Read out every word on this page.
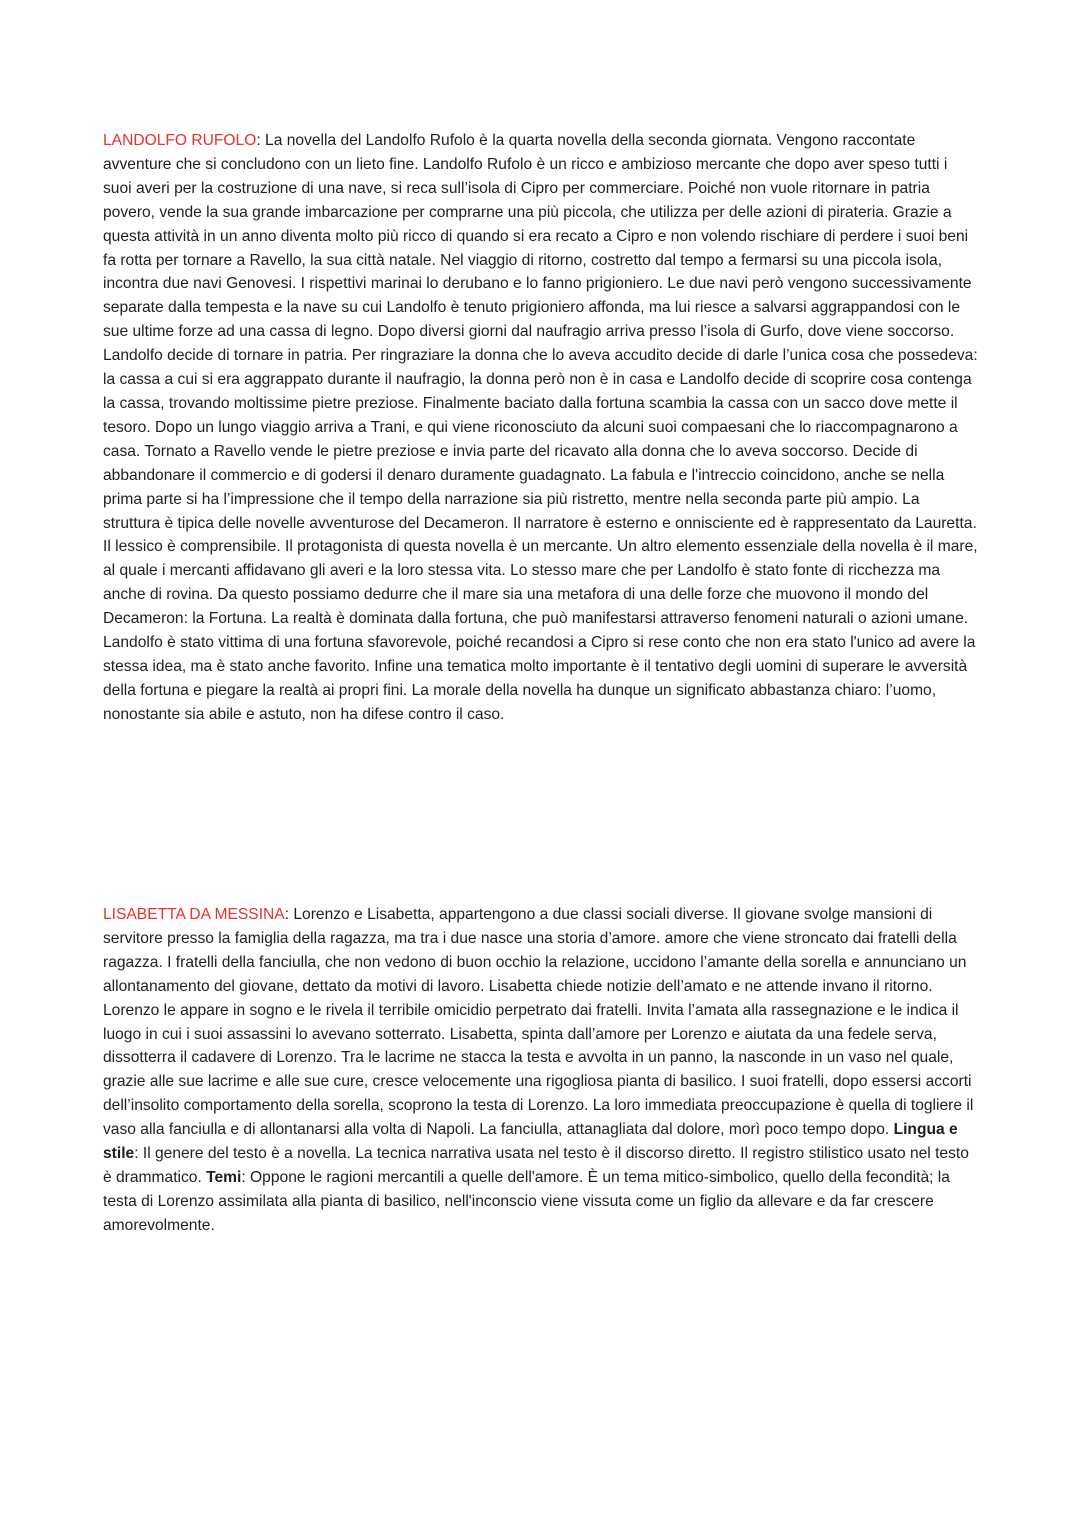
LANDOLFO RUFOLO: La novella del Landolfo Rufolo è la quarta novella della seconda giornata. Vengono raccontate avventure che si concludono con un lieto fine. Landolfo Rufolo è un ricco e ambizioso mercante che dopo aver speso tutti i suoi averi per la costruzione di una nave, si reca sull’isola di Cipro per commerciare. Poiché non vuole ritornare in patria povero, vende la sua grande imbarcazione per comprarne una più piccola, che utilizza per delle azioni di pirateria. Grazie a questa attività in un anno diventa molto più ricco di quando si era recato a Cipro e non volendo rischiare di perdere i suoi beni fa rotta per tornare a Ravello, la sua città natale. Nel viaggio di ritorno, costretto dal tempo a fermarsi su una piccola isola, incontra due navi Genovesi. I rispettivi marinai lo derubano e lo fanno prigioniero. Le due navi però vengono successivamente separate dalla tempesta e la nave su cui Landolfo è tenuto prigioniero affonda, ma lui riesce a salvarsi aggrappandosi con le sue ultime forze ad una cassa di legno. Dopo diversi giorni dal naufragio arriva presso l’isola di Gurfo, dove viene soccorso. Landolfo decide di tornare in patria. Per ringraziare la donna che lo aveva accudito decide di darle l’unica cosa che possedeva: la cassa a cui si era aggrappato durante il naufragio, la donna però non è in casa e Landolfo decide di scoprire cosa contenga la cassa, trovando moltissime pietre preziose. Finalmente baciato dalla fortuna scambia la cassa con un sacco dove mette il tesoro. Dopo un lungo viaggio arriva a Trani, e qui viene riconosciuto da alcuni suoi compaesani che lo riaccompagnarono a casa. Tornato a Ravello vende le pietre preziose e invia parte del ricavato alla donna che lo aveva soccorso. Decide di abbandonare il commercio e di godersi il denaro duramente guadagnato. La fabula e l'intreccio coincidono, anche se nella prima parte si ha l’impressione che il tempo della narrazione sia più ristretto, mentre nella seconda parte più ampio. La struttura è tipica delle novelle avventurose del Decameron. Il narratore è esterno e onnisciente ed è rappresentato da Lauretta. Il lessico è comprensibile. Il protagonista di questa novella è un mercante. Un altro elemento essenziale della novella è il mare, al quale i mercanti affidavano gli averi e la loro stessa vita. Lo stesso mare che per Landolfo è stato fonte di ricchezza ma anche di rovina. Da questo possiamo dedurre che il mare sia una metafora di una delle forze che muovono il mondo del Decameron: la Fortuna. La realtà è dominata dalla fortuna, che può manifestarsi attraverso fenomeni naturali o azioni umane. Landolfo è stato vittima di una fortuna sfavorevole, poiché recandosi a Cipro si rese conto che non era stato l'unico ad avere la stessa idea, ma è stato anche favorito. Infine una tematica molto importante è il tentativo degli uomini di superare le avversità della fortuna e piegare la realtà ai propri fini. La morale della novella ha dunque un significato abbastanza chiaro: l’uomo, nonostante sia abile e astuto, non ha difese contro il caso.

LISABETTA DA MESSINA: Lorenzo e Lisabetta, appartengono a due classi sociali diverse. Il giovane svolge mansioni di servitore presso la famiglia della ragazza, ma tra i due nasce una storia d’amore. amore che viene stroncato dai fratelli della ragazza. I fratelli della fanciulla, che non vedono di buon occhio la relazione, uccidono l’amante della sorella e annunciano un allontanamento del giovane, dettato da motivi di lavoro. Lisabetta chiede notizie dell’amato e ne attende invano il ritorno. Lorenzo le appare in sogno e le rivela il terribile omicidio perpetrato dai fratelli. Invita l’amata alla rassegnazione e le indica il luogo in cui i suoi assassini lo avevano sotterrato. Lisabetta, spinta dall’amore per Lorenzo e aiutata da una fedele serva, dissotterra il cadavere di Lorenzo. Tra le lacrime ne stacca la testa e avvolta in un panno, la nasconde in un vaso nel quale, grazie alle sue lacrime e alle sue cure, cresce velocemente una rigogliosa pianta di basilico. I suoi fratelli, dopo essersi accorti dell’insolito comportamento della sorella, scoprono la testa di Lorenzo. La loro immediata preoccupazione è quella di togliere il vaso alla fanciulla e di allontanarsi alla volta di Napoli. La fanciulla, attanagliata dal dolore, morì poco tempo dopo. Lingua e stile: Il genere del testo è a novella. La tecnica narrativa usata nel testo è il discorso diretto. Il registro stilistico usato nel testo è drammatico. Temi: Oppone le ragioni mercantili a quelle dell'amore. È un tema mitico-simbolico, quello della fecondità; la testa di Lorenzo assimilata alla pianta di basilico, nell'inconscio viene vissuta come un figlio da allevare e da far crescere amorevolmente.
